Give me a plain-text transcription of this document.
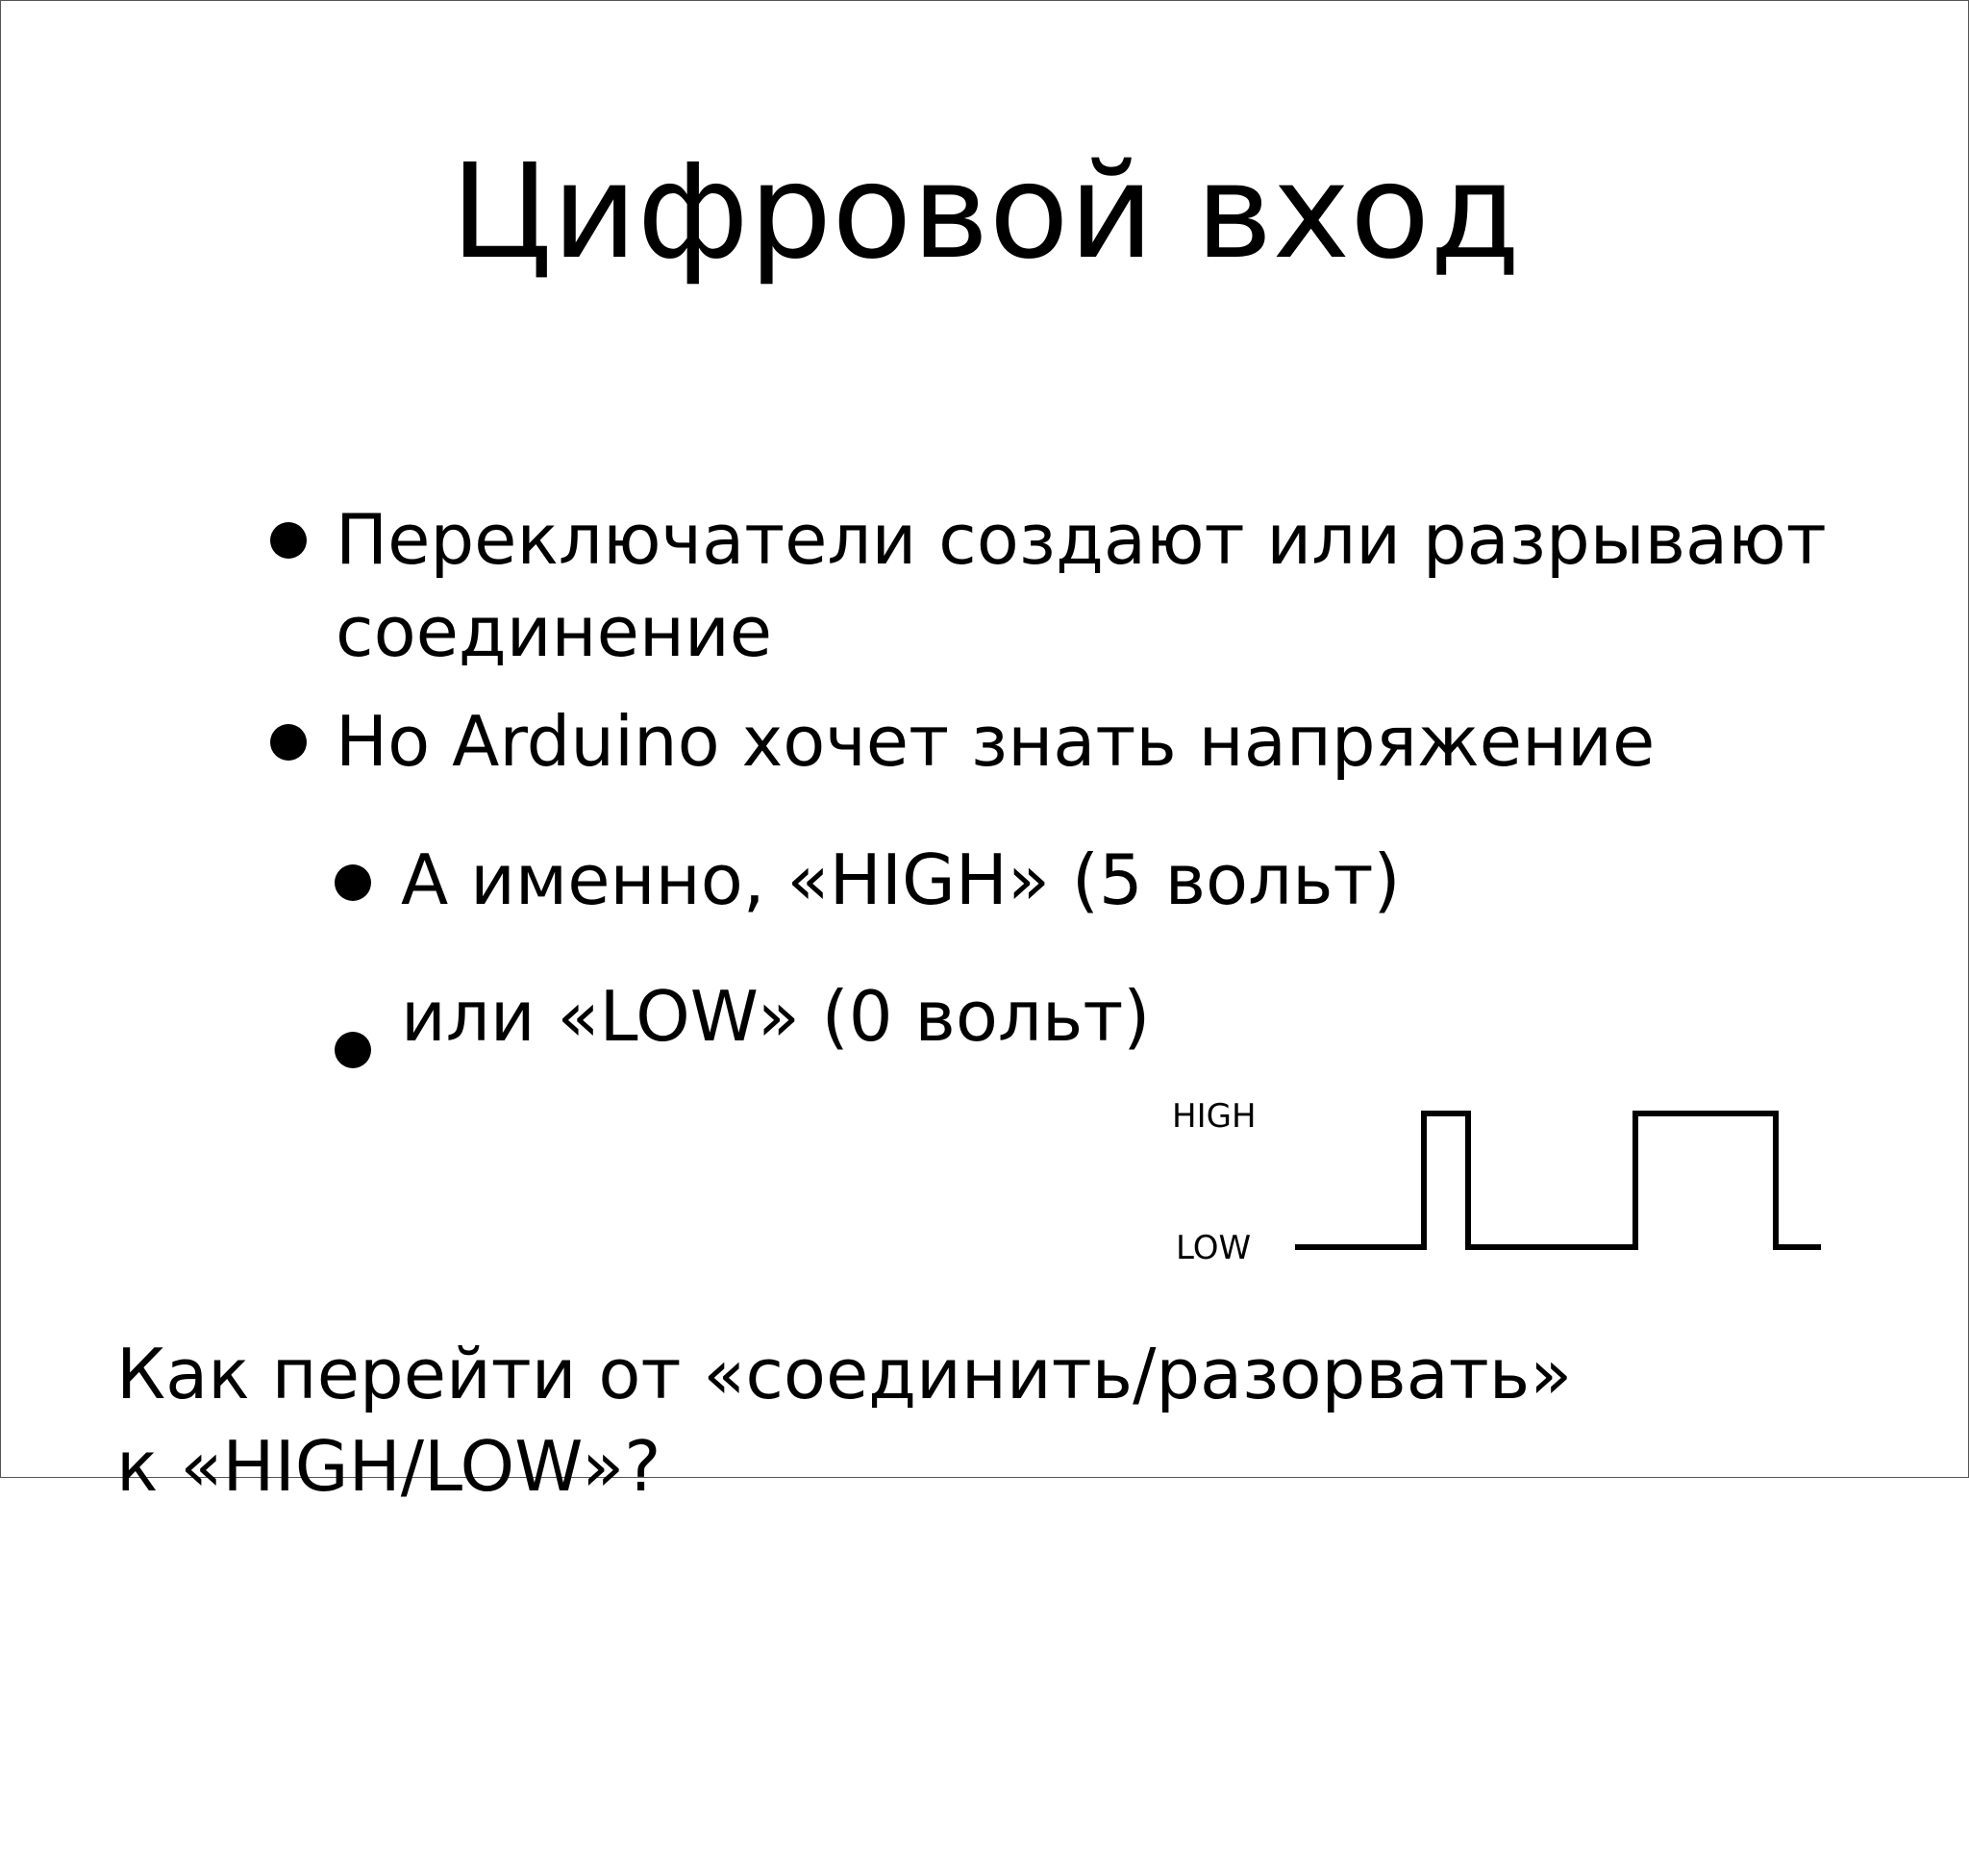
Цифровой вход
Переключатели создают или разрывают
соединение
Но Arduino хочет знать напряжение
А именно, «HIGH» (5 вольт)
или «LOW» (0 вольт)
HIGH
LOW
Как перейти от «соединить/разорвать»
к «HIGH/LOW»?
